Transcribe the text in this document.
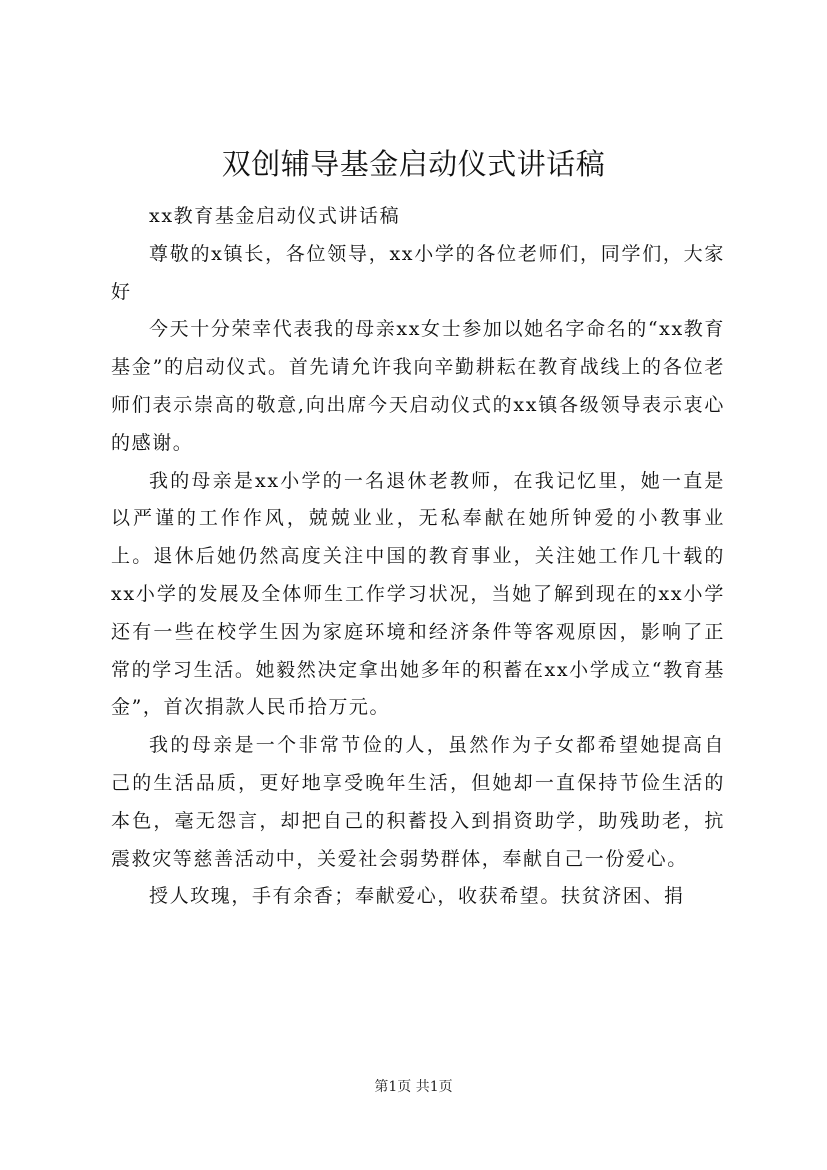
双创辅导基金启动仪式讲话稿

xx教育基金启动仪式讲话稿

尊敬的x镇长，各位领导，xx小学的各位老师们，同学们，大家好

今天十分荣幸代表我的母亲xx女士参加以她名字命名的“xx教育基金”的启动仪式。首先请允许我向辛勤耕耘在教育战线上的各位老师们表示崇高的敬意,向出席今天启动仪式的xx镇各级领导表示衷心的感谢。

我的母亲是xx小学的一名退休老教师，在我记忆里，她一直是以严谨的工作作风，兢兢业业，无私奉献在她所钟爱的小教事业上。退休后她仍然高度关注中国的教育事业，关注她工作几十载的xx小学的发展及全体师生工作学习状况，当她了解到现在的xx小学还有一些在校学生因为家庭环境和经济条件等客观原因，影响了正常的学习生活。她毅然决定拿出她多年的积蓄在xx小学成立“教育基金”，首次捐款人民币拾万元。

我的母亲是一个非常节俭的人，虽然作为子女都希望她提高自己的生活品质，更好地享受晚年生活，但她却一直保持节俭生活的本色，毫无怨言，却把自己的积蓄投入到捐资助学，助残助老，抗震救灾等慈善活动中，关爱社会弱势群体，奉献自己一份爱心。

授人玫瑰，手有余香；奉献爱心，收获希望。扶贫济困、捐

第1页 共1页
